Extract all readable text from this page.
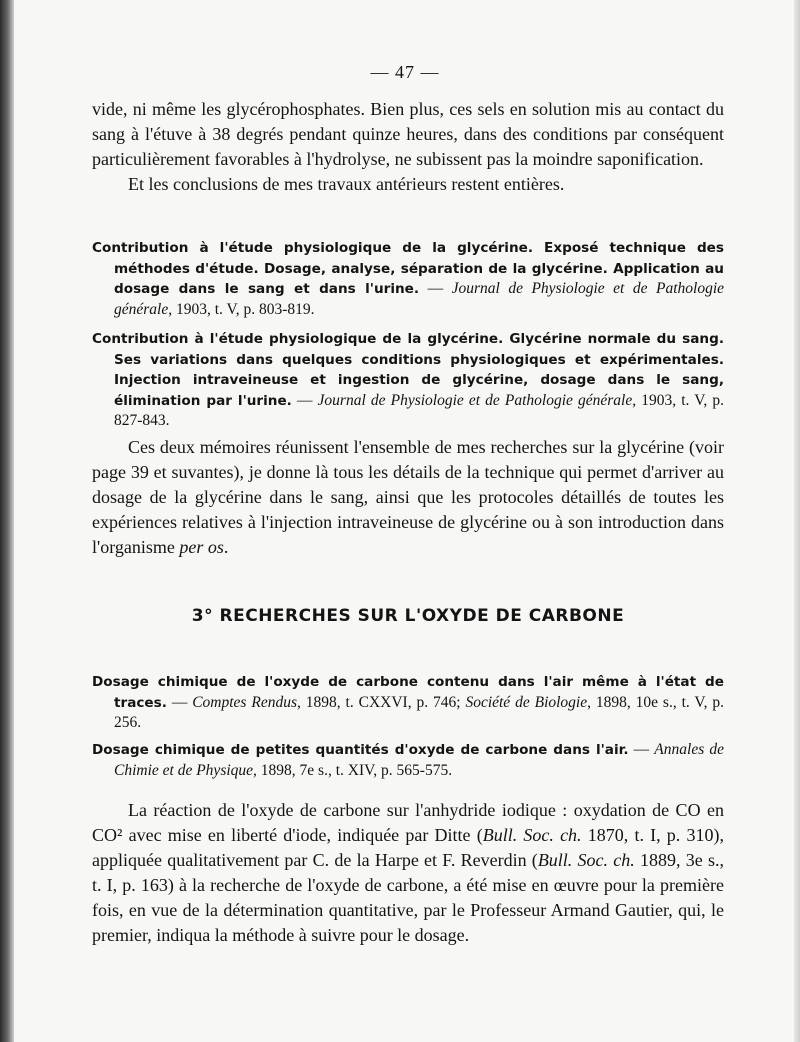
— 47 —

vide, ni même les glycérophosphates. Bien plus, ces sels en solution mis au contact du sang à l'étuve à 38 degrés pendant quinze heures, dans des conditions par conséquent particulièrement favorables à l'hydrolyse, ne subissent pas la moindre saponification.

Et les conclusions de mes travaux antérieurs restent entières.

Contribution à l'étude physiologique de la glycérine. Exposé technique des méthodes d'étude. Dosage, analyse, séparation de la glycérine. Application au dosage dans le sang et dans l'urine. — Journal de Physiologie et de Pathologie générale, 1903, t. V, p. 803-819.
Contribution à l'étude physiologique de la glycérine. Glycérine normale du sang. Ses variations dans quelques conditions physiologiques et expérimentales. Injection intraveineuse et ingestion de glycérine, dosage dans le sang, élimination par l'urine. — Journal de Physiologie et de Pathologie générale, 1903, t. V, p. 827-843.

Ces deux mémoires réunissent l'ensemble de mes recherches sur la glycérine (voir page 39 et suvantes), je donne là tous les détails de la technique qui permet d'arriver au dosage de la glycérine dans le sang, ainsi que les protocoles détaillés de toutes les expériences relatives à l'injection intraveineuse de glycérine ou à son introduction dans l'organisme per os.

3° RECHERCHES SUR L'OXYDE DE CARBONE
Dosage chimique de l'oxyde de carbone contenu dans l'air même à l'état de traces. — Comptes Rendus, 1898, t. CXXVI, p. 746; Société de Biologie, 1898, 10e s., t. V, p. 256.
Dosage chimique de petites quantités d'oxyde de carbone dans l'air. — Annales de Chimie et de Physique, 1898, 7e s., t. XIV, p. 565-575.

La réaction de l'oxyde de carbone sur l'anhydride iodique : oxydation de CO en CO² avec mise en liberté d'iode, indiquée par Ditte (Bull. Soc. ch. 1870, t. I, p. 310), appliquée qualitativement par C. de la Harpe et F. Reverdin (Bull. Soc. ch. 1889, 3e s., t. I, p. 163) à la recherche de l'oxyde de carbone, a été mise en œuvre pour la première fois, en vue de la détermination quantitative, par le Professeur Armand Gautier, qui, le premier, indiqua la méthode à suivre pour le dosage.
